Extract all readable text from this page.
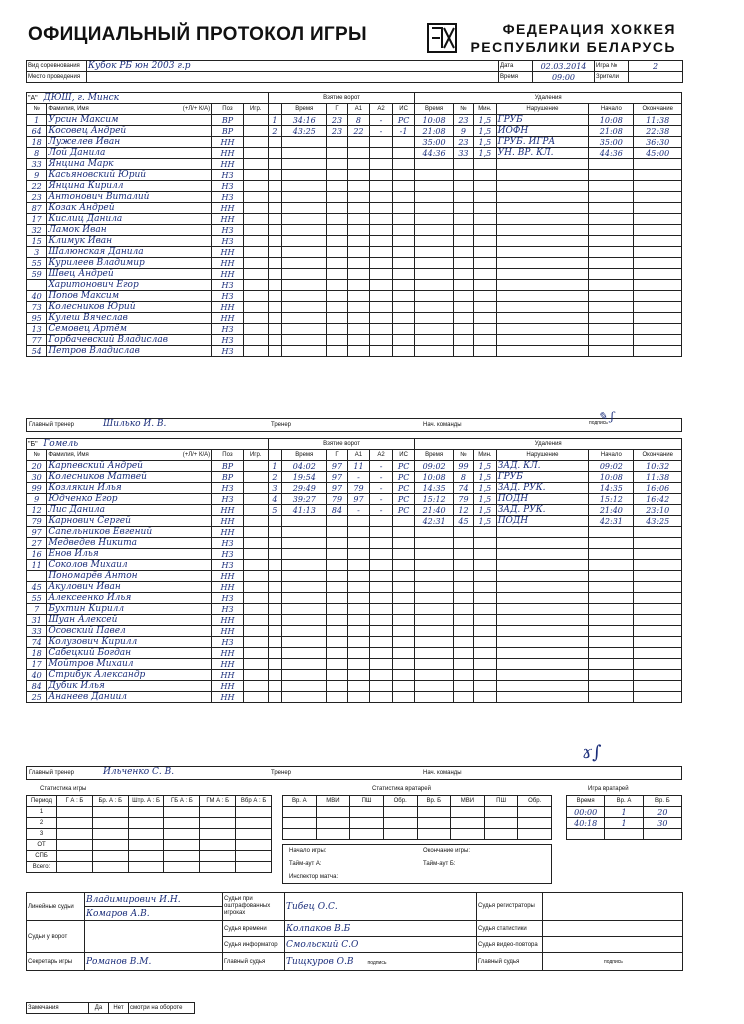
ОФИЦИАЛЬНЫЙ ПРОТОКОЛ ИГРЫ	ФЕДЕРАЦИЯ ХОККЕЯ
РЕСПУБЛИКИ БЕЛАРУСЬ
Вид соревнования	Кубок РБ юн 2003 г.р	Дата	02.03.2014	Игра №	2
Место проведения		Время	09:00	Зрители	
"А" ДЮШ, г. Минск				Взятие ворот						Удаления					
№	Фамилия, Имя (+Л/+ К/А)	Поз	Игр.		Время	Г	А1	А2	ИС	Время	№	Мин.	Нарушение	Начало	Окончание
1	Урсин Максим	ВР		1	34:16	23	8	-	РС	10:08	23	1,5	ГРУБ	10:08	11:38
64	Косовец Андрей	ВР		2	43:25	23	22	-	-1	21:08	9	1,5	ИОФН	21:08	22:38
18	Лужелев Иван	НН								35:00	23	1,5	ГРУБ. ИГРА	35:00	36:30
8	Лой Данила	НН								44:36	33	1,5	УН. ВР. КЛ.	44:36	45:00
33	Янцина Марк	НН													
9	Касьяновский Юрий	НЗ													
22	Янцина Кирилл	НЗ													
23	Антонович Виталий	НЗ													
87	Козак Андрей	НН													
17	Кислиц Данила	НН													
32	Ламок Иван	НЗ													
15	Климук Иван	НЗ													
3	Шалюнская Данила	НН													
55	Курилеев Владимир	НН													
59	Швец Андрей	НН													
	Харитонович Егор	НЗ													
40	Попов Максим	НЗ													
73	Колесников Юрий	НН													
95	Кулеш Вячеслав	НН													
13	Семовец Артём	НЗ													
77	Горбачевский Владислав	НЗ													
54	Петров Владислав	НЗ													
Главный тренер	Шилько И. В.	Тренер	Нач. команды	подпись
✎ ʃ
"Б" Гомель				Взятие ворот						Удаления					
№	Фамилия, Имя (+Л/+ К/А)	Поз	Игр.		Время	Г	А1	А2	ИС	Время	№	Мин.	Нарушение	Начало	Окончание
20	Карпевский Андрей	ВР		1	04:02	97	11	-	РС	09:02	99	1,5	ЗАД. КЛ.	09:02	10:32
30	Колесников Матвей	ВР		2	19:54	97	-	-	РС	10:08	8	1,5	ГРУБ	10:08	11:38
99	Козлякин Илья	НЗ		3	29:49	97	79	-	РС	14:35	74	1,5	ЗАД. РУК.	14:35	16:06
9	Юдченко Егор	НЗ		4	39:27	79	97	-	РС	15:12	79	1,5	ПОДН	15:12	16:42
12	Лис Данила	НН		5	41:13	84	-	-	РС	21:40	12	1,5	ЗАД. РУК.	21:40	23:10
79	Карнович Сергей	НН								42:31	45	1,5	ПОДН	42:31	43:25
97	Сапельников Евгений	НН													
27	Медведев Никита	НЗ													
16	Енов Илья	НЗ													
11	Соколов Михаил	НЗ													
	Пономарёв Антон	НН													
45	Акулович Иван	НН													
55	Алексеенко Илья	НЗ													
7	Бухтин Кирилл	НЗ													
31	Шуан Алексей	НН													
33	Осовский Павел	НН													
74	Колузович Кирилл	НЗ													
18	Сабецкий Богдан	НН													
17	Мойтров Михаил	НН													
40	Стрибук Александр	НН													
84	Дубик Илья	НН													
25	Ананеев Даниил	НН													
Главный тренер	Ильченко С. В.	Тренер	Нач. команды
ɤ∫
Статистика игры
Период	Г А : Б	Бр. А : Б	Штр. А : Б	ГБ А : Б	ГМ А : Б	Вбр А : Б
1						
2						
3						
ОТ						
СПБ						
Всего:						
Статистика вратарей
Вр. А	МВИ	ПШ	Обр.	Вр. Б	МВИ	ПШ	Обр.

Начало игры:	Окончание игры:
Тайм-аут А:	Тайм-аут Б:
Инспектор матча:
Игра вратарей
Время	Вр. А	Вр. Б
00:00	1	20
40:18	1	30

Линейные судьи	Владимирович И.Н.	Судьи при оштрафованных игроках	Тибец О.С.	Судья регистраторы	
	Комаров А.В.				
Судьи у ворот		Судья времени	Колпаков В.Б	Судья статистики	
		Судья информатор	Смольский С.О	Судья видео-повтора	
Секретарь игры	Романов В.М.	Главный судья	Тищкуров О.В подпись	Главный судья	подпись
Замечания	Да	Нет	смотри на обороте
